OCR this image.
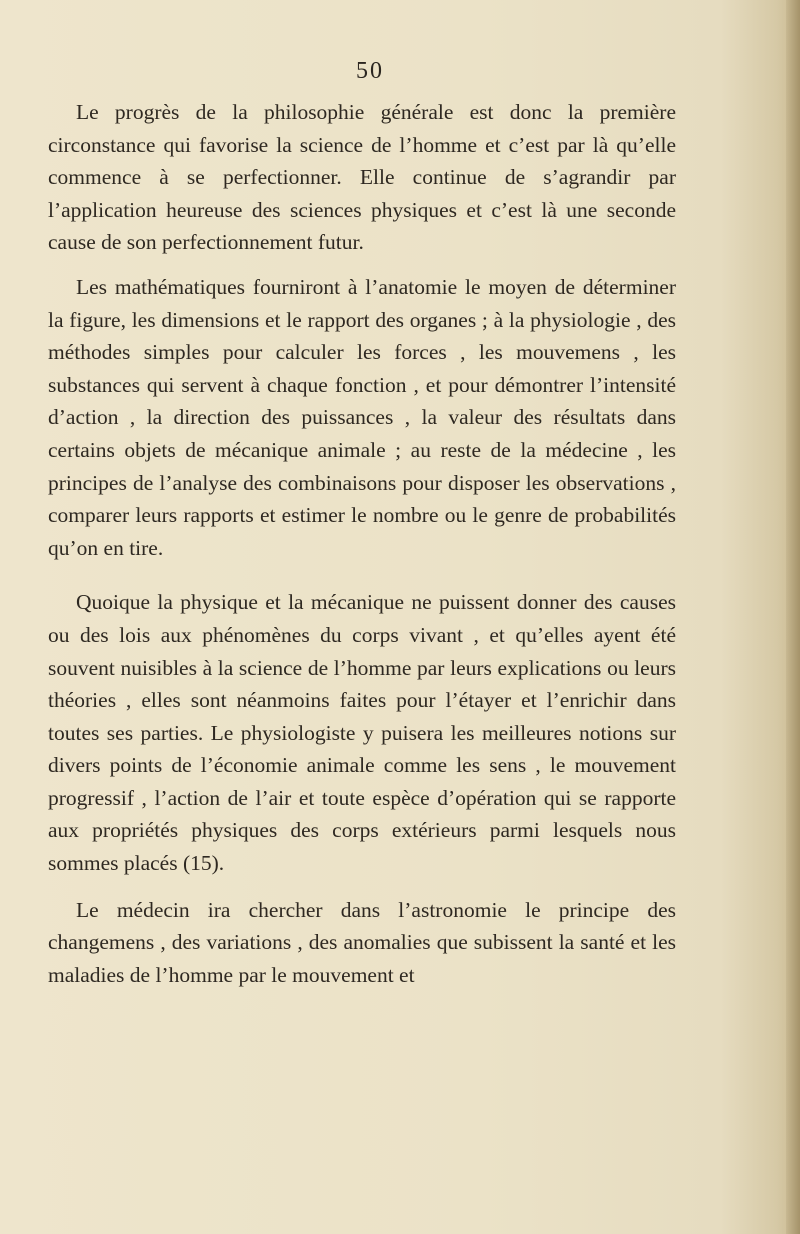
50

Le progrès de la philosophie générale est donc la première circonstance qui favorise la science de l’homme et c’est par là qu’elle commence à se perfectionner. Elle continue de s’agrandir par l’application heureuse des sciences physiques et c’est là une seconde cause de son perfectionnement futur.

Les mathématiques fourniront à l’anatomie le moyen de déterminer la figure, les dimensions et le rapport des organes ; à la physiologie , des méthodes simples pour calculer les forces , les mouvemens , les substances qui servent à chaque fonction , et pour démontrer l’intensité d’action , la direction des puissances , la valeur des résultats dans certains objets de mécanique animale ; au reste de la médecine , les principes de l’analyse des combinaisons pour disposer les observations , comparer leurs rapports et estimer le nombre ou le genre de probabilités qu’on en tire.

Quoique la physique et la mécanique ne puissent donner des causes ou des lois aux phénomènes du corps vivant , et qu’elles ayent été souvent nuisibles à la science de l’homme par leurs explications ou leurs théories , elles sont néanmoins faites pour l’étayer et l’enrichir dans toutes ses parties. Le physiologiste y puisera les meilleures notions sur divers points de l’économie animale comme les sens , le mouvement progressif , l’action de l’air et toute espèce d’opération qui se rapporte aux propriétés physiques des corps extérieurs parmi lesquels nous sommes placés (15).

Le médecin ira chercher dans l’astronomie le principe des changemens , des variations , des anomalies que subissent la santé et les maladies de l’homme par le mouvement et
